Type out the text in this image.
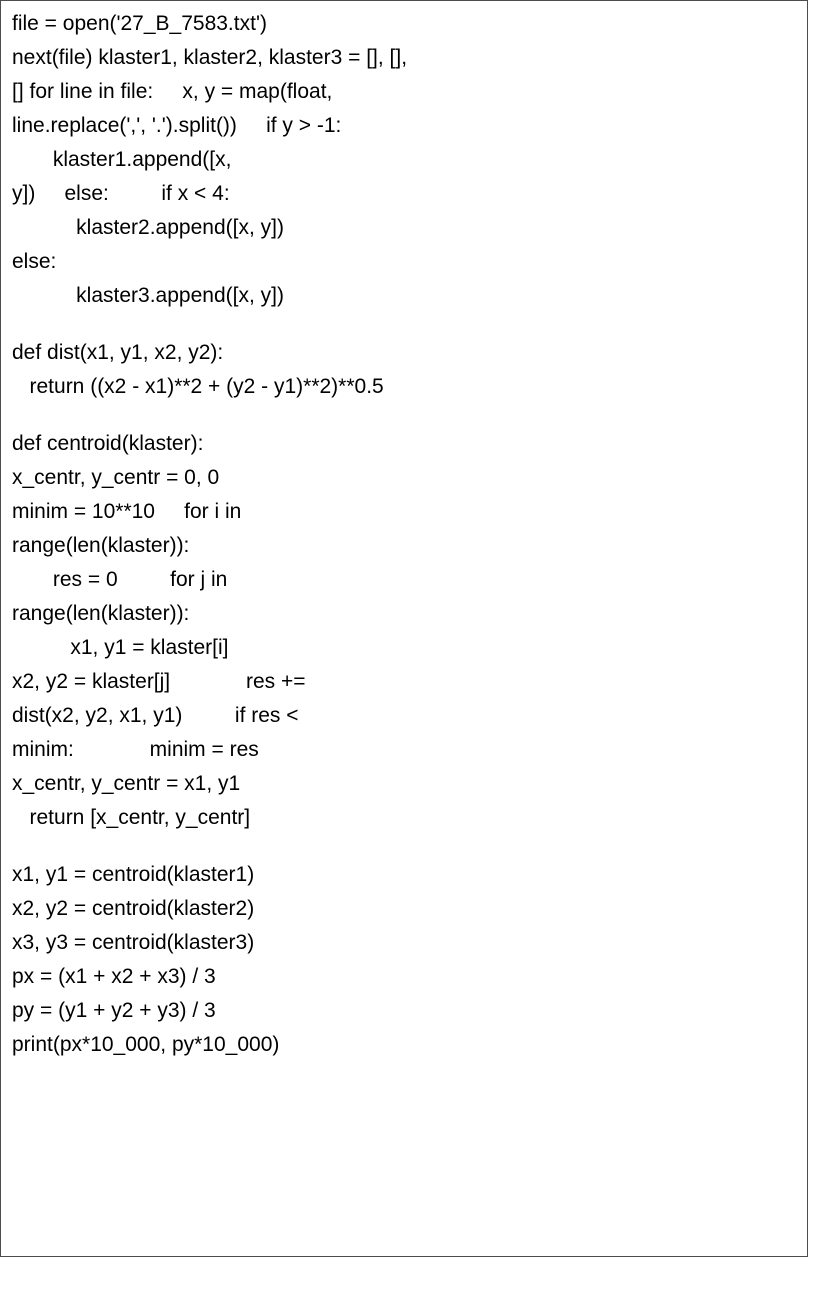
file = open('27_B_7583.txt')
next(file) klaster1, klaster2, klaster3 = [], [],
[] for line in file:     x, y = map(float,
line.replace(',', '.').split())     if y > -1:
klaster1.append([x,
y])     else:         if x < 4:
klaster2.append([x, y])
else:
klaster3.append([x, y])
def dist(x1, y1, x2, y2):
return ((x2 - x1)**2 + (y2 - y1)**2)**0.5
def centroid(klaster):
x_centr, y_centr = 0, 0
minim = 10**10     for i in
range(len(klaster)):
res = 0         for j in
range(len(klaster)):
x1, y1 = klaster[i]
x2, y2 = klaster[j]             res +=
dist(x2, y2, x1, y1)         if res <
minim:             minim = res
x_centr, y_centr = x1, y1
return [x_centr, y_centr]
x1, y1 = centroid(klaster1)
x2, y2 = centroid(klaster2)
x3, y3 = centroid(klaster3)
px = (x1 + x2 + x3) / 3
py = (y1 + y2 + y3) / 3
print(px*10_000, py*10_000)
